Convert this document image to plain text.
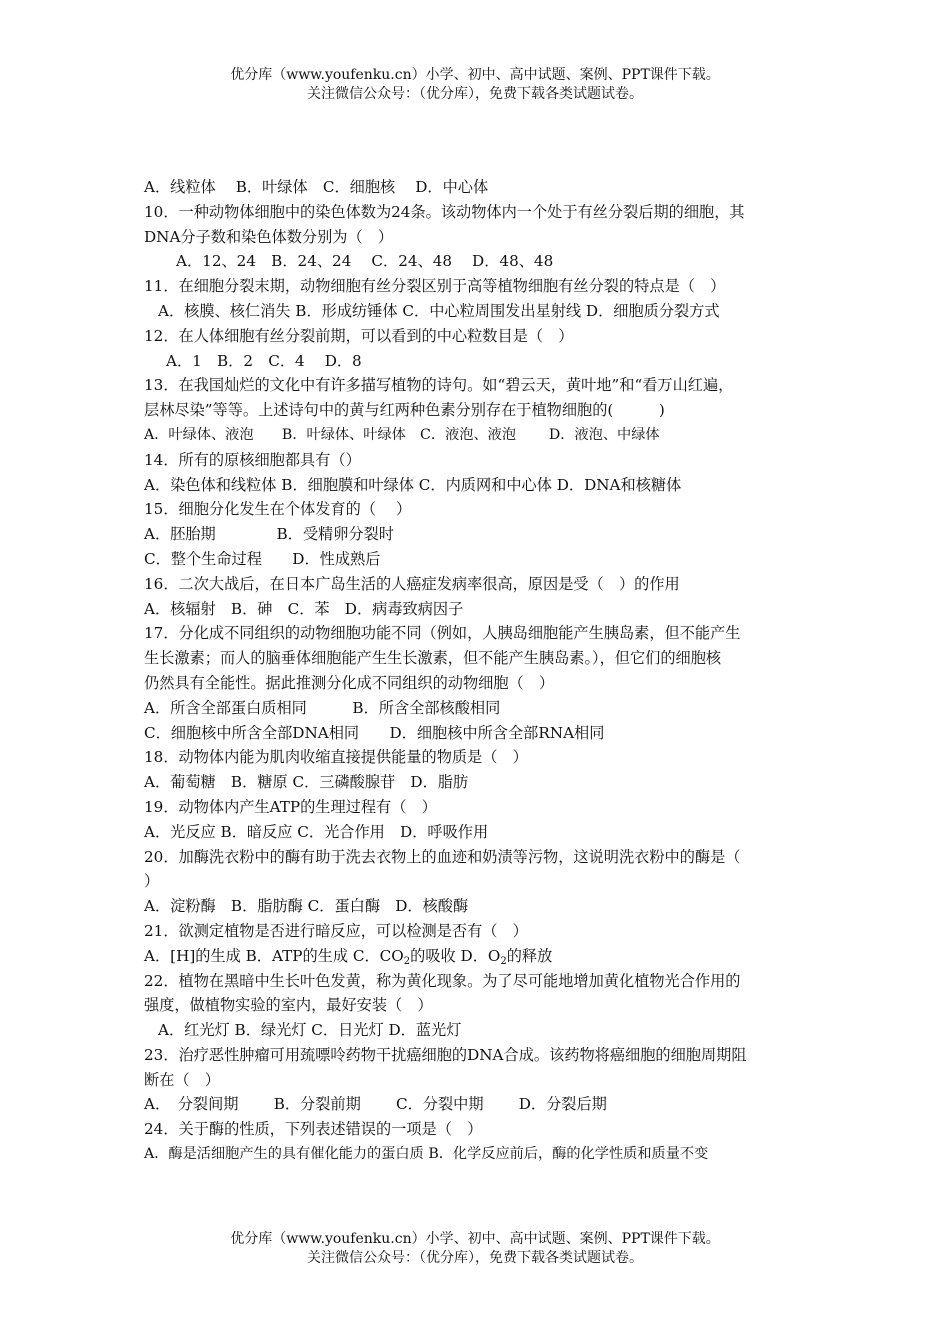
优分库（www.youfenku.cn）小学、初中、高中试题、案例、PPT课件下载。

关注微信公众号：（优分库），免费下载各类试题试卷。

A．线粒体　 B．叶绿体　C．细胞核　 D．中心体

10．一种动物体细胞中的染色体数为24条。该动物体内一个处于有丝分裂后期的细胞，其

DNA分子数和染色体数分别为（　）

A．12、24　B．24、24　 C．24、48　 D．48、48

11．在细胞分裂末期，动物细胞有丝分裂区别于高等植物细胞有丝分裂的特点是（　）

A．核膜、核仁消失 B．形成纺锤体 C．中心粒周围发出星射线 D．细胞质分裂方式

12．在人体细胞有丝分裂前期，可以看到的中心粒数目是（　）

A．1　B．2　C．4　 D．8

13．在我国灿烂的文化中有许多描写植物的诗句。如“碧云天，黄叶地”和“看万山红遍，

层林尽染”等等。上述诗句中的黄与红两种色素分别存在于植物细胞的(　　　)

A．叶绿体、液泡　　B．叶绿体、叶绿体　C．液泡、液泡　　 D．液泡、中绿体

14．所有的原核细胞都具有（）

A．染色体和线粒体 B．细胞膜和叶绿体 C．内质网和中心体 D．DNA和核糖体

15．细胞分化发生在个体发育的（　 ）

A．胚胎期　　　　B．受精卵分裂时

C．整个生命过程　　D．性成熟后

16．二次大战后，在日本广岛生活的人癌症发病率很高，原因是受（　）的作用

A．核辐射　B．砷　C．苯　D．病毒致病因子

17．分化成不同组织的动物细胞功能不同（例如，人胰岛细胞能产生胰岛素，但不能产生

生长激素；而人的脑垂体细胞能产生生长激素，但不能产生胰岛素。），但它们的细胞核

仍然具有全能性。据此推测分化成不同组织的动物细胞（　）

A．所含全部蛋白质相同　　　B．所含全部核酸相同

C．细胞核中所含全部DNA相同　　D．细胞核中所含全部RNA相同

18．动物体内能为肌肉收缩直接提供能量的物质是（　）

A．葡萄糖　B．糖原 C．三磷酸腺苷　D．脂肪

19．动物体内产生ATP的生理过程有（　）

A．光反应 B．暗反应 C．光合作用　D．呼吸作用

20．加酶洗衣粉中的酶有助于洗去衣物上的血迹和奶渍等污物，这说明洗衣粉中的酶是（

）

A．淀粉酶　B．脂肪酶 C．蛋白酶　D．核酸酶

21．欲测定植物是否进行暗反应，可以检测是否有（　）

A．[H]的生成 B．ATP的生成 C．$CO_2$的吸收 D．$O_2$的释放

22．植物在黑暗中生长叶色发黄，称为黄化现象。为了尽可能地增加黄化植物光合作用的

强度，做植物实验的室内，最好安装（　）

A．红光灯 B．绿光灯 C．日光灯 D．蓝光灯

23．治疗恶性肿瘤可用巯嘌呤药物干扰癌细胞的DNA合成。该药物将癌细胞的细胞周期阻

断在（　）

A．　分裂间期　　 B．分裂前期　　 C．分裂中期　　 D．分裂后期

24．关于酶的性质，下列表述错误的一项是（　）

A．酶是活细胞产生的具有催化能力的蛋白质 B．化学反应前后，酶的化学性质和质量不变

优分库（www.youfenku.cn）小学、初中、高中试题、案例、PPT课件下载。

关注微信公众号：（优分库），免费下载各类试题试卷。
